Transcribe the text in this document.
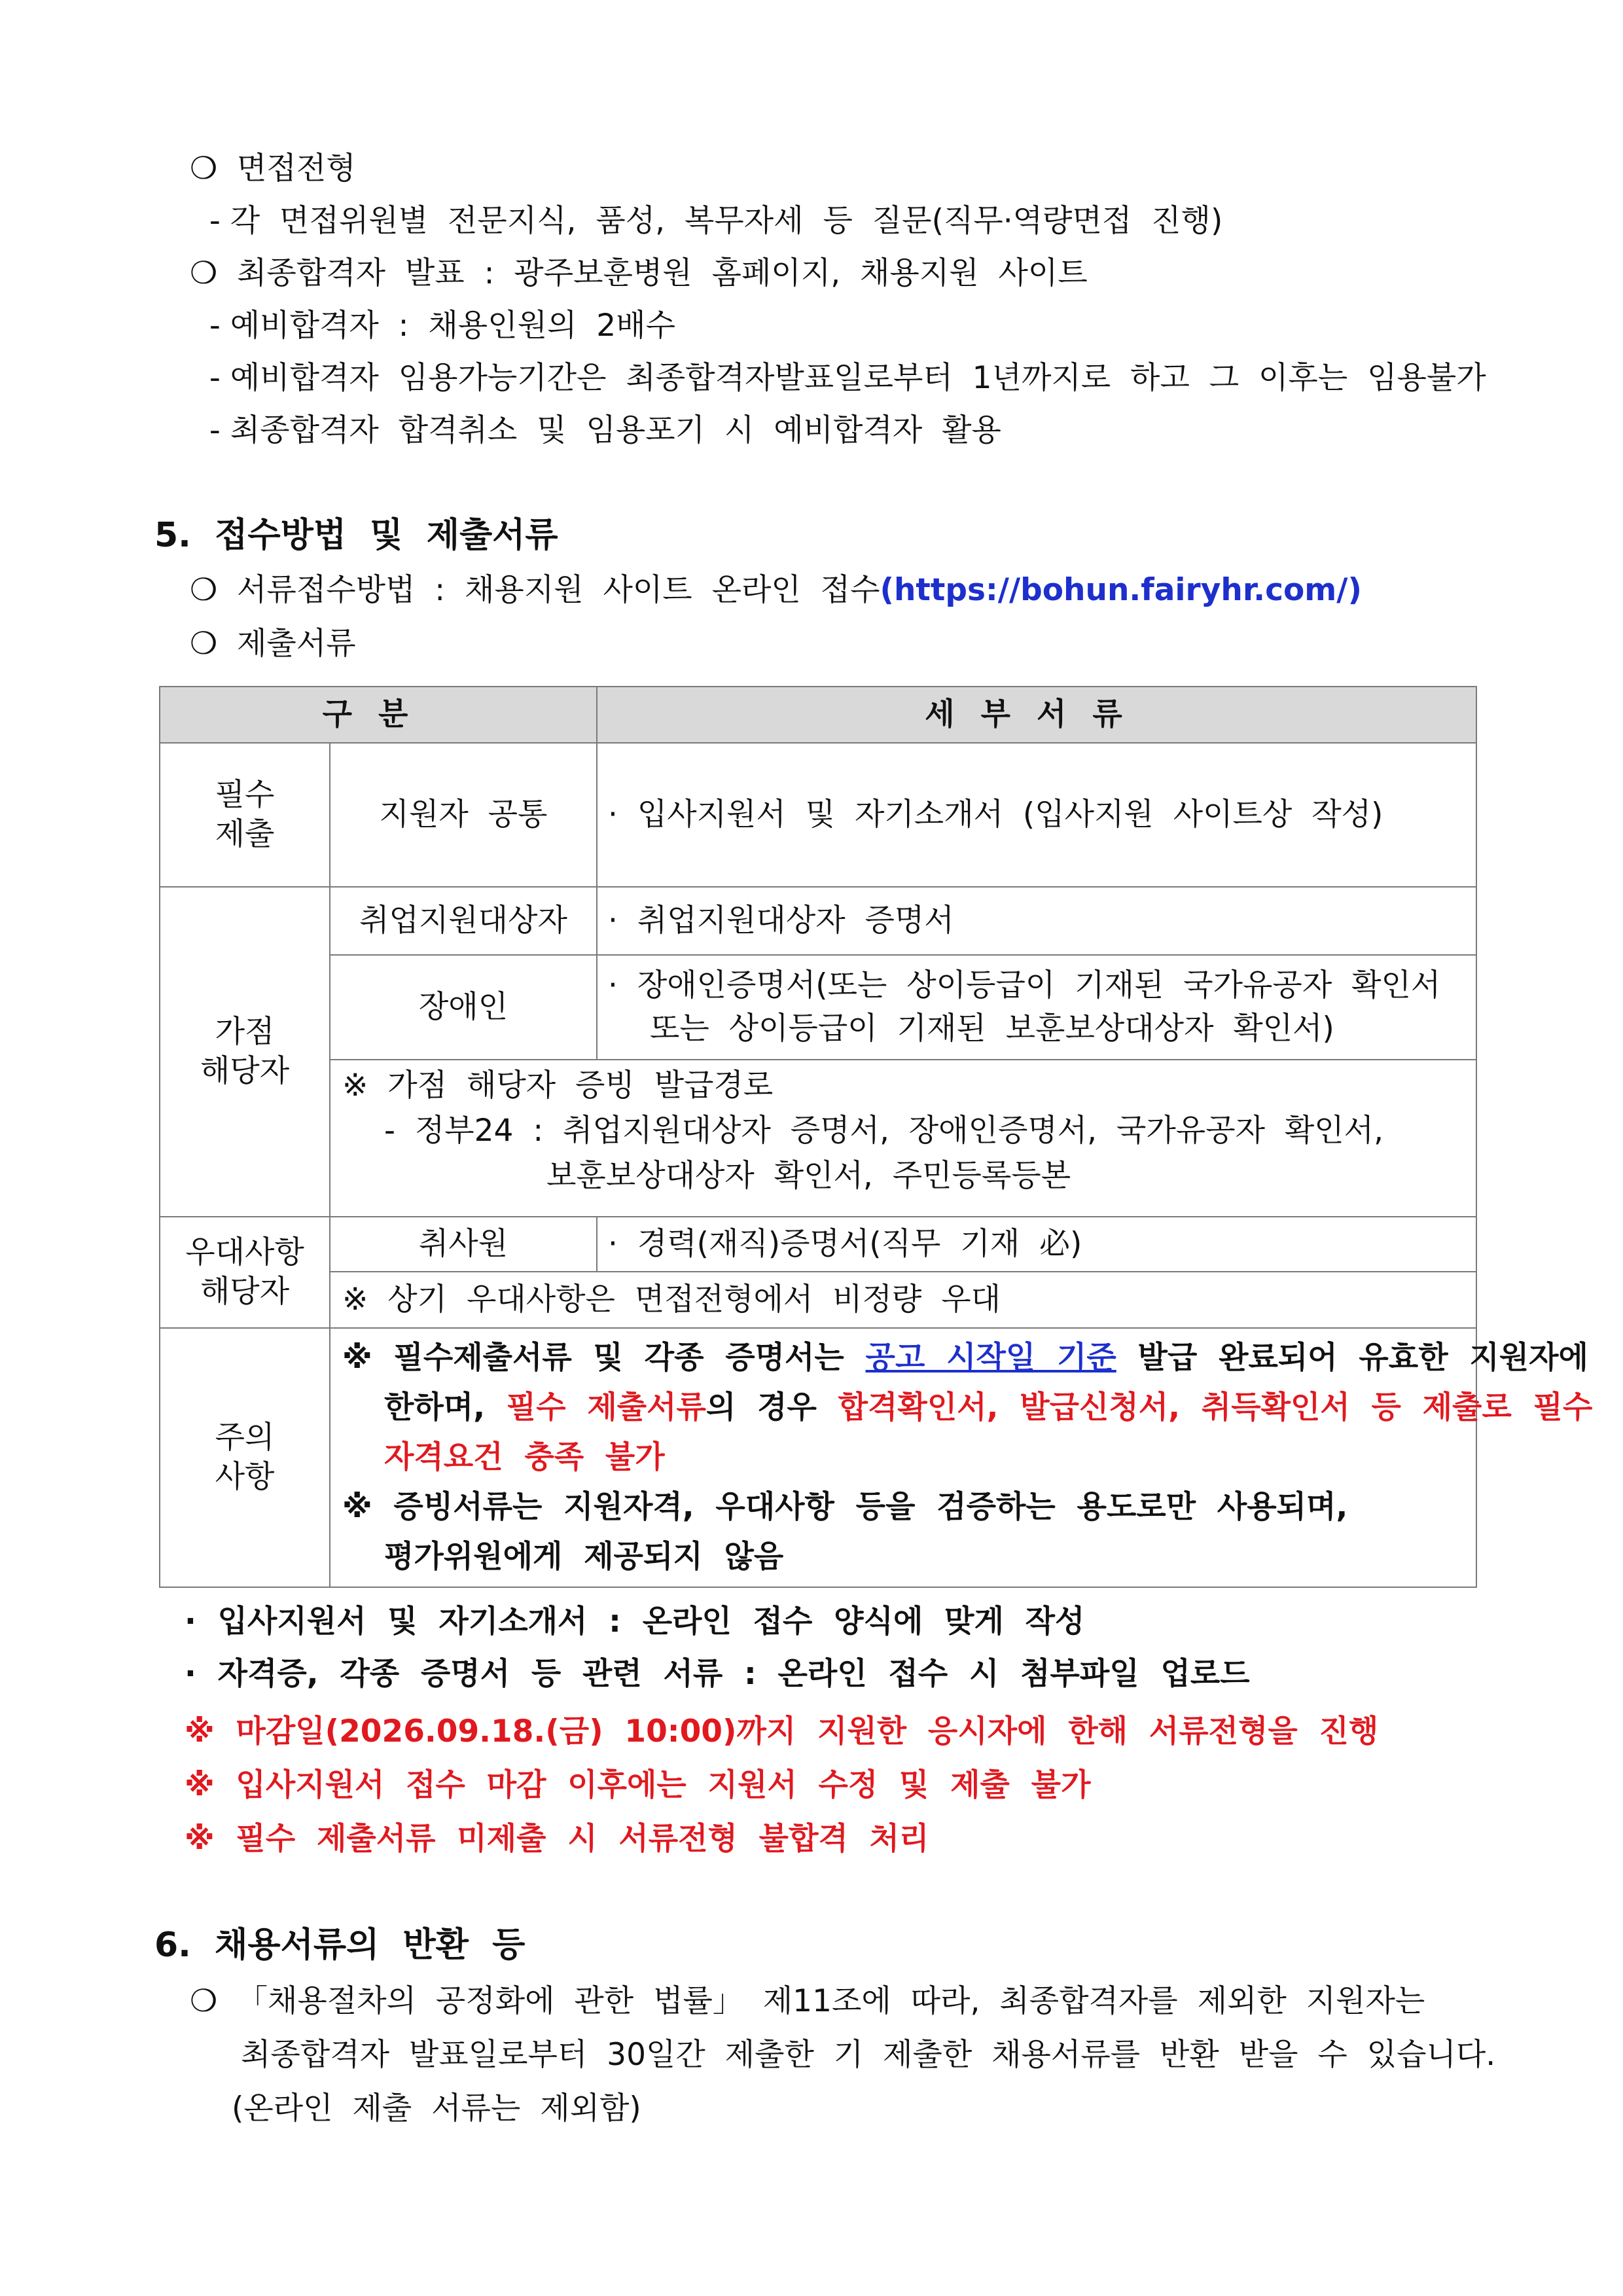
❍  면접전형
- 각  면접위원별  전문지식,  품성,  복무자세  등  질문(직무·역량면접  진행)
❍  최종합격자  발표  :  광주보훈병원  홈페이지,  채용지원  사이트
- 예비합격자  :  채용인원의  2배수
- 예비합격자  임용가능기간은  최종합격자발표일로부터  1년까지로  하고  그  이후는  임용불가
- 최종합격자  합격취소  및  임용포기  시  예비합격자  활용
5.  접수방법  및  제출서류
❍  서류접수방법  :  채용지원  사이트  온라인  접수(https://bohun.fairyhr.com/)
❍  제출서류
구분		세부서류
필수
제출	지원자  공통	·  입사지원서  및  자기소개서  (입사지원  사이트상  작성)
가점
해당자	취업지원대상자	·  취업지원대상자  증명서
	장애인	·  장애인증명서(또는  상이등급이  기재된  국가유공자  확인서
또는  상이등급이  기재된  보훈보상대상자  확인서)

	※  가점  해당자  증빙  발급경로
-  정부24  :  취업지원대상자  증명서,  장애인증명서,  국가유공자  확인서,
보훈보상대상자  확인서,  주민등록등본	

우대사항
해당자	취사원	·  경력(재직)증명서(직무  기재  必)
	※  상기  우대사항은  면접전형에서  비정량  우대	
주의
사항	※  필수제출서류  및  각종  증명서는  공고  시작일  기준  발급  완료되어  유효한  지원자에
한하며,  필수  제출서류의  경우  합격확인서,  발급신청서,  취득확인서  등  제출로  필수
자격요건  충족  불가
※  증빙서류는  지원자격,  우대사항  등을  검증하는  용도로만  사용되며,
평가위원에게  제공되지  않음	
·  입사지원서  및  자기소개서  :  온라인  접수  양식에  맞게  작성
·  자격증,  각종  증명서  등  관련  서류  :  온라인  접수  시  첨부파일  업로드
※  마감일(2026.09.18.(금)  10:00)까지  지원한  응시자에  한해  서류전형을  진행
※  입사지원서  접수  마감  이후에는  지원서  수정  및  제출  불가
※  필수  제출서류  미제출  시  서류전형  불합격  처리
6.  채용서류의  반환  등
❍  「채용절차의  공정화에  관한  법률」  제11조에  따라,  최종합격자를  제외한  지원자는
최종합격자  발표일로부터  30일간  제출한  기  제출한  채용서류를  반환  받을  수  있습니다.
(온라인  제출  서류는  제외함)
